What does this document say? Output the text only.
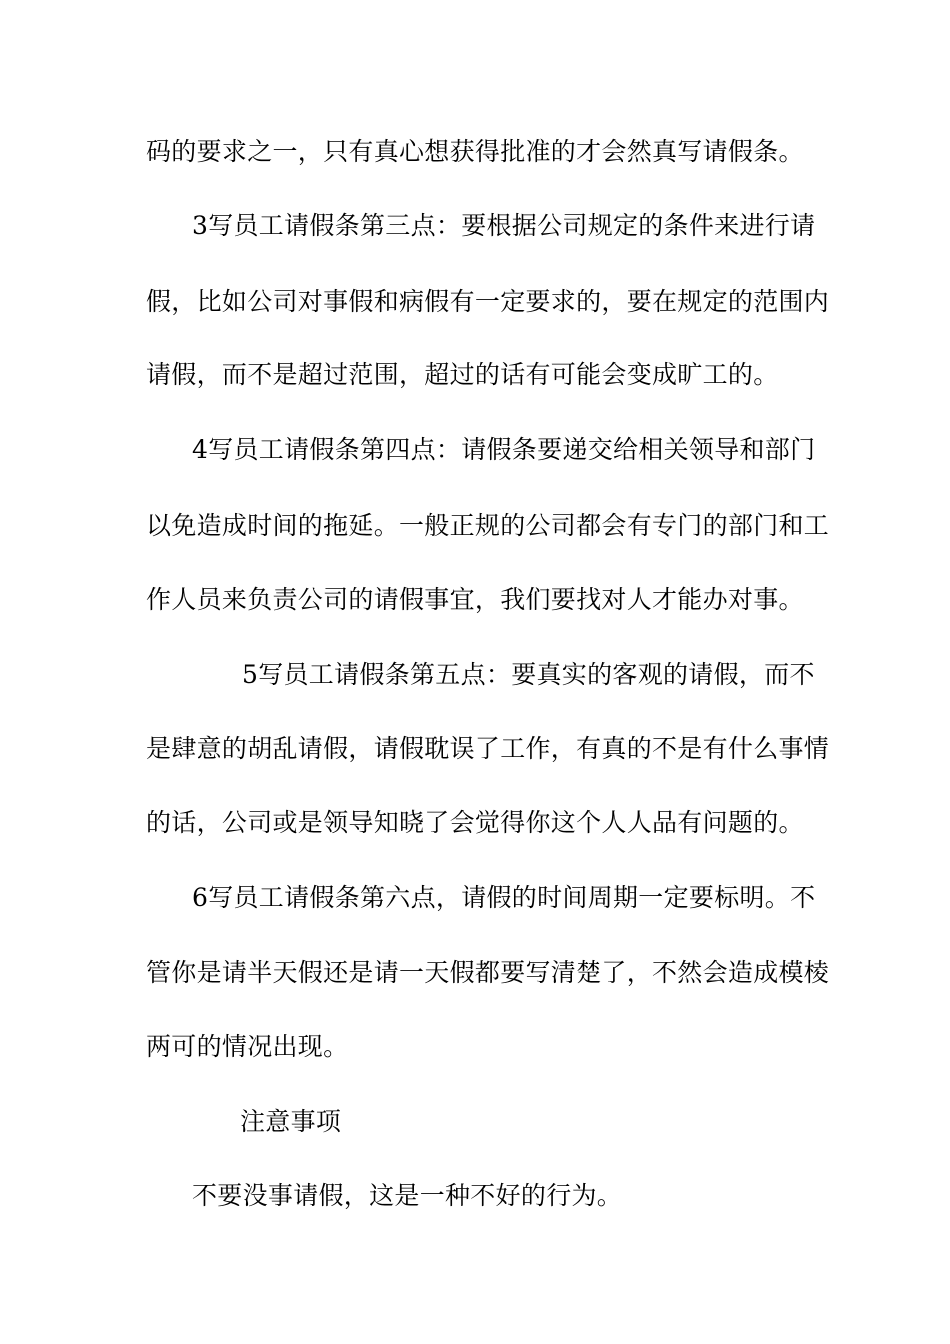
码的要求之一，只有真心想获得批准的才会然真写请假条。
3写员工请假条第三点：要根据公司规定的条件来进行请
假，比如公司对事假和病假有一定要求的，要在规定的范围内
请假，而不是超过范围，超过的话有可能会变成旷工的。
4写员工请假条第四点：请假条要递交给相关领导和部门
以免造成时间的拖延。一般正规的公司都会有专门的部门和工
作人员来负责公司的请假事宜，我们要找对人才能办对事。
5写员工请假条第五点：要真实的客观的请假，而不
是肆意的胡乱请假，请假耽误了工作，有真的不是有什么事情
的话，公司或是领导知晓了会觉得你这个人人品有问题的。
6写员工请假条第六点，请假的时间周期一定要标明。不
管你是请半天假还是请一天假都要写清楚了，不然会造成模棱
两可的情况出现。
注意事项
不要没事请假，这是一种不好的行为。
